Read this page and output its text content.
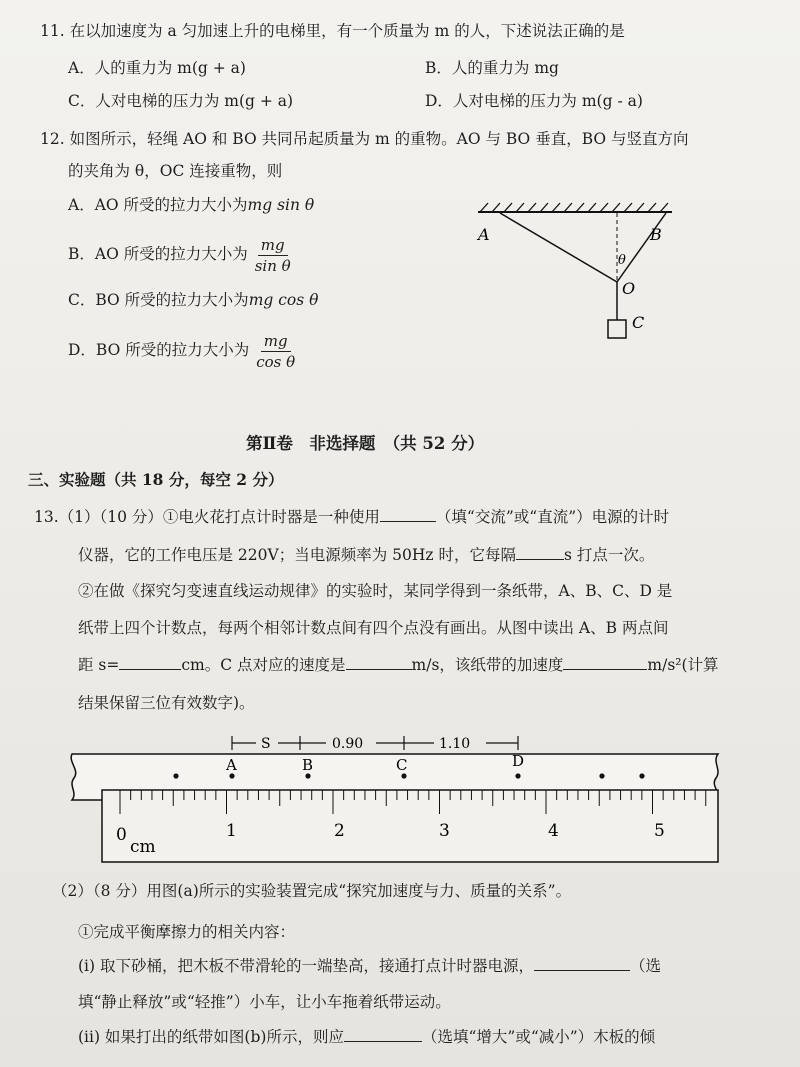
11. 在以加速度为 a 匀加速上升的电梯里，有一个质量为 m 的人，下述说法正确的是
A．人的重力为 m(g + a)	B．人的重力为 mg
C．人对电梯的压力为 m(g + a)	D．人对电梯的压力为 m(g - a)
12. 如图所示，轻绳 AO 和 BO 共同吊起质量为 m 的重物。AO 与 BO 垂直，BO 与竖直方向
的夹角为 θ，OC 连接重物，则
A．AO 所受的拉力大小为mg sin θ
B．AO 所受的拉力大小为 $\frac{mg}{\text{sin θ}}$
C．BO 所受的拉力大小为mg cos θ
D．BO 所受的拉力大小为 $\frac{mg}{\text{cos θ}}$
A	B
θ
O
C
第Ⅱ卷　非选择题　（共 52 分）
三、实验题（共 18 分，每空 2 分）
13.（1）（10 分）①电火花打点计时器是一种使用	（填“交流”或“直流”）电源的计时
仪器，它的工作电压是 220V；当电源频率为 50Hz 时，它每隔	s 打点一次。
②在做《探究匀变速直线运动规律》的实验时，某同学得到一条纸带，A、B、C、D 是
纸带上四个计数点，每两个相邻计数点间有四个点没有画出。从图中读出 A、B 两点间
距 s=	cm。C 点对应的速度是	m/s，该纸带的加速度	m/s²(计算
结果保留三位有效数字)。
S	0.90	1.10
A	B	C	D
0	1	2	3	4	5
cm
（2）（8 分）用图(a)所示的实验装置完成“探究加速度与力、质量的关系”。
①完成平衡摩擦力的相关内容：
(i) 取下砂桶，把木板不带滑轮的一端垫高，接通打点计时器电源，	（选
填“静止释放”或“轻推”）小车，让小车拖着纸带运动。
(ii) 如果打出的纸带如图(b)所示，则应	（选填“增大”或“减小”）木板的倾
